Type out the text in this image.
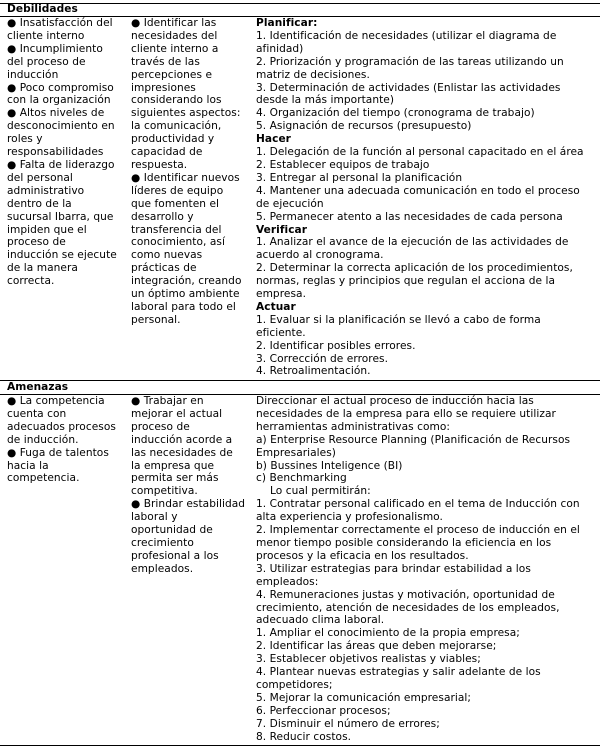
Debilidades
● Insatisfacción del
cliente interno
● Incumplimiento
del proceso de
inducción
● Poco compromiso
con la organización
● Altos niveles de
desconocimiento en
roles y
responsabilidades
● Falta de liderazgo
del personal
administrativo
dentro de la
sucursal Ibarra, que
impiden que el
proceso de
inducción se ejecute
de la manera
correcta.
● Identificar las
necesidades del
cliente interno a
través de las
percepciones e
impresiones
considerando los
siguientes aspectos:
la comunicación,
productividad y
capacidad de
respuesta.
● Identificar nuevos
líderes de equipo
que fomenten el
desarrollo y
transferencia del
conocimiento, así
como nuevas
prácticas de
integración, creando
un óptimo ambiente
laboral para todo el
personal.
Planificar:
1. Identificación de necesidades (utilizar el diagrama de
afinidad)
2. Priorización y programación de las tareas utilizando un
matriz de decisiones.
3. Determinación de actividades (Enlistar las actividades
desde la más importante)
4. Organización del tiempo (cronograma de trabajo)
5. Asignación de recursos (presupuesto)
Hacer
1. Delegación de la función al personal capacitado en el área
2. Establecer equipos de trabajo
3. Entregar al personal la planificación
4. Mantener una adecuada comunicación en todo el proceso
de ejecución
5. Permanecer atento a las necesidades de cada persona
Verificar
1. Analizar el avance de la ejecución de las actividades de
acuerdo al cronograma.
2. Determinar la correcta aplicación de los procedimientos,
normas, reglas y principios que regulan el acciona de la
empresa.
Actuar
1. Evaluar si la planificación se llevó a cabo de forma
eficiente.
2. Identificar posibles errores.
3. Corrección de errores.
4. Retroalimentación.
Amenazas
● La competencia
cuenta con
adecuados procesos
de inducción.
● Fuga de talentos
hacia la
competencia.
● Trabajar en
mejorar el actual
proceso de
inducción acorde a
las necesidades de
la empresa que
permita ser más
competitiva.
● Brindar estabilidad
laboral y
oportunidad de
crecimiento
profesional a los
empleados.
Direccionar el actual proceso de inducción hacia las
necesidades de la empresa para ello se requiere utilizar
herramientas administrativas como:
a) Enterprise Resource Planning (Planificación de Recursos
Empresariales)
b) Bussines Inteligence (BI)
c) Benchmarking
Lo cual permitirán:
1. Contratar personal calificado en el tema de Inducción con
alta experiencia y profesionalismo.
2. Implementar correctamente el proceso de inducción en el
menor tiempo posible considerando la eficiencia en los
procesos y la eficacia en los resultados.
3. Utilizar estrategias para brindar estabilidad a los
empleados:
4. Remuneraciones justas y motivación, oportunidad de
crecimiento, atención de necesidades de los empleados,
adecuado clima laboral.
1. Ampliar el conocimiento de la propia empresa;
2. Identificar las áreas que deben mejorarse;
3. Establecer objetivos realistas y viables;
4. Plantear nuevas estrategias y salir adelante de los
competidores;
5. Mejorar la comunicación empresarial;
6. Perfeccionar procesos;
7. Disminuir el número de errores;
8. Reducir costos.
